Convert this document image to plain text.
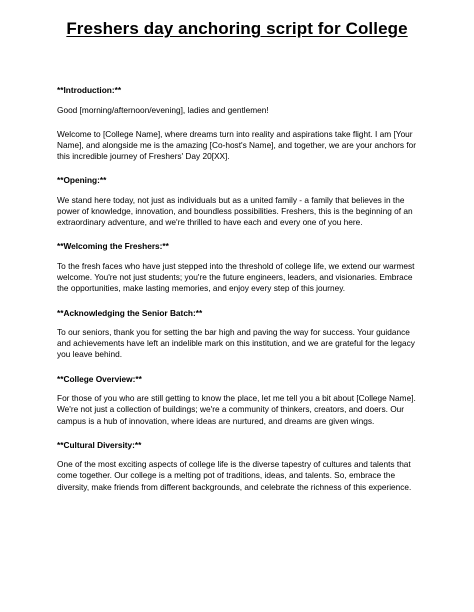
Freshers day anchoring script for College
**Introduction:**

Good [morning/afternoon/evening], ladies and gentlemen!

Welcome to [College Name], where dreams turn into reality and aspirations take flight. I am [Your Name], and alongside me is the amazing [Co-host's Name], and together, we are your anchors for this incredible journey of Freshers' Day 20[XX].

**Opening:**

We stand here today, not just as individuals but as a united family - a family that believes in the power of knowledge, innovation, and boundless possibilities. Freshers, this is the beginning of an extraordinary adventure, and we're thrilled to have each and every one of you here.

**Welcoming the Freshers:**

To the fresh faces who have just stepped into the threshold of college life, we extend our warmest welcome. You're not just students; you're the future engineers, leaders, and visionaries. Embrace the opportunities, make lasting memories, and enjoy every step of this journey.

**Acknowledging the Senior Batch:**

To our seniors, thank you for setting the bar high and paving the way for success. Your guidance and achievements have left an indelible mark on this institution, and we are grateful for the legacy you leave behind.

**College Overview:**

For those of you who are still getting to know the place, let me tell you a bit about [College Name]. We're not just a collection of buildings; we're a community of thinkers, creators, and doers. Our campus is a hub of innovation, where ideas are nurtured, and dreams are given wings.

**Cultural Diversity:**

One of the most exciting aspects of college life is the diverse tapestry of cultures and talents that come together. Our college is a melting pot of traditions, ideas, and talents. So, embrace the diversity, make friends from different backgrounds, and celebrate the richness of this experience.
